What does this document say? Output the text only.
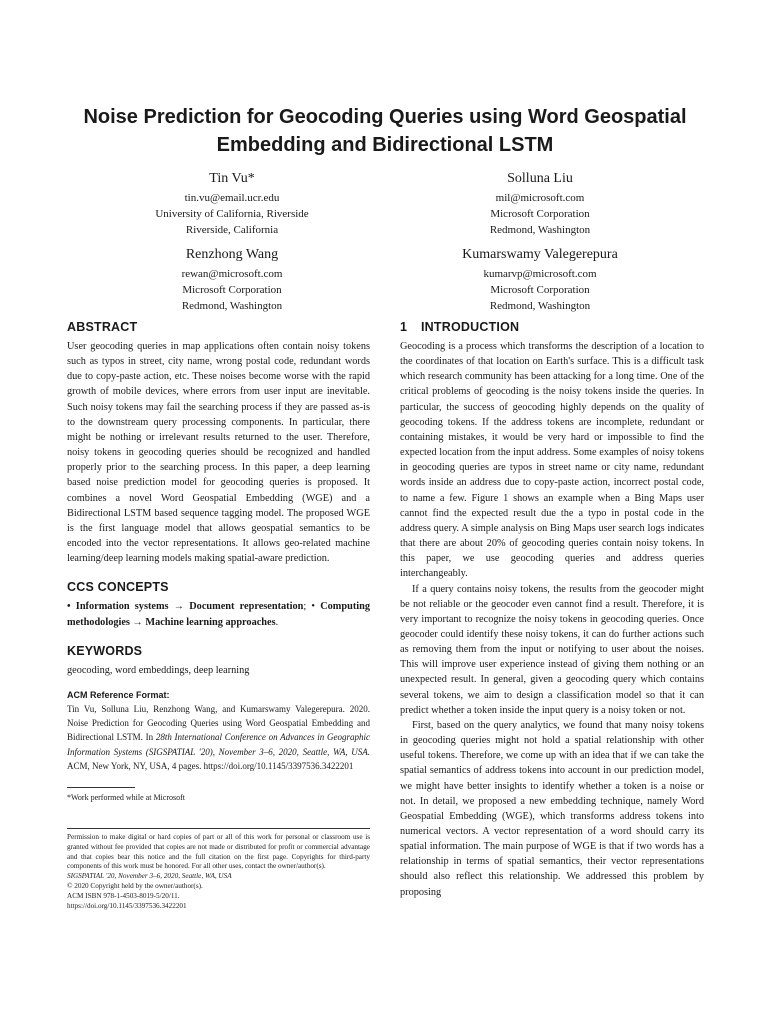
Noise Prediction for Geocoding Queries using Word Geospatial Embedding and Bidirectional LSTM
Tin Vu*
tin.vu@email.ucr.edu
University of California, Riverside
Riverside, California
Solluna Liu
mil@microsoft.com
Microsoft Corporation
Redmond, Washington
Renzhong Wang
rewan@microsoft.com
Microsoft Corporation
Redmond, Washington
Kumarswamy Valegerepura
kumarvp@microsoft.com
Microsoft Corporation
Redmond, Washington
ABSTRACT

User geocoding queries in map applications often contain noisy tokens such as typos in street, city name, wrong postal code, redundant words due to copy-paste action, etc. These noises become worse with the rapid growth of mobile devices, where errors from user input are inevitable. Such noisy tokens may fail the searching process if they are passed as-is to the downstream query processing components. In particular, there might be nothing or irrelevant results returned to the user. Therefore, noisy tokens in geocoding queries should be recognized and handled properly prior to the searching process. In this paper, a deep learning based noise prediction model for geocoding queries is proposed. It combines a novel Word Geospatial Embedding (WGE) and a Bidirectional LSTM based sequence tagging model. The proposed WGE is the first language model that allows geospatial semantics to be encoded into the vector representations. It allows geo-related machine learning/deep learning models making spatial-aware prediction.

CCS CONCEPTS

• Information systems → Document representation; • Computing methodologies → Machine learning approaches.

KEYWORDS

geocoding, word embeddings, deep learning

ACM Reference Format:
Tin Vu, Solluna Liu, Renzhong Wang, and Kumarswamy Valegerepura. 2020. Noise Prediction for Geocoding Queries using Word Geospatial Embedding and Bidirectional LSTM. In 28th International Conference on Advances in Geographic Information Systems (SIGSPATIAL '20), November 3–6, 2020, Seattle, WA, USA. ACM, New York, NY, USA, 4 pages. https://doi.org/10.1145/3397536.3422201

*Work performed while at Microsoft

Permission to make digital or hard copies of part or all of this work for personal or classroom use is granted without fee provided that copies are not made or distributed for profit or commercial advantage and that copies bear this notice and the full citation on the first page. Copyrights for third-party components of this work must be honored. For all other uses, contact the owner/author(s).

SIGSPATIAL '20, November 3–6, 2020, Seattle, WA, USA
© 2020 Copyright held by the owner/author(s).
ACM ISBN 978-1-4503-8019-5/20/11.
https://doi.org/10.1145/3397536.3422201
1 INTRODUCTION

Geocoding is a process which transforms the description of a location to the coordinates of that location on Earth's surface. This is a difficult task which research community has been attacking for a long time. One of the critical problems of geocoding is the noisy tokens inside the queries. In particular, the success of geocoding highly depends on the quality of geocoding tokens. If the address tokens are incomplete, redundant or containing mistakes, it would be very hard or impossible to find the expected location from the input address. Some examples of noisy tokens in geocoding queries are typos in street name or city name, redundant words inside an address due to copy-paste action, incorrect postal code, to name a few. Figure 1 shows an example when a Bing Maps user cannot find the expected result due the a typo in postal code in the address query. A simple analysis on Bing Maps user search logs indicates that there are about 20% of geocoding queries contain noisy tokens. In this paper, we use geocoding queries and address queries interchangeably.

If a query contains noisy tokens, the results from the geocoder might be not reliable or the geocoder even cannot find a result. Therefore, it is very important to recognize the noisy tokens in geocoding queries. Once geocoder could identify these noisy tokens, it can do further actions such as removing them from the input or notifying to user about the noises. This will improve user experience instead of giving them nothing or an unexpected result. In general, given a geocoding query which contains several tokens, we aim to design a classification model so that it can predict whether a token inside the input query is a noisy token or not.

First, based on the query analytics, we found that many noisy tokens in geocoding queries might not hold a spatial relationship with other useful tokens. Therefore, we come up with an idea that if we can take the spatial semantics of address tokens into account in our prediction model, we might have better insights to identify whether a token is a noise or not. In detail, we proposed a new embedding technique, namely Word Geospatial Embedding (WGE), which transforms address tokens into numerical vectors. A vector representation of a word should carry its spatial information. The main purpose of WGE is that if two words has a relationship in terms of spatial semantics, their vector representations should also reflect this relationship. We addressed this problem by proposing
